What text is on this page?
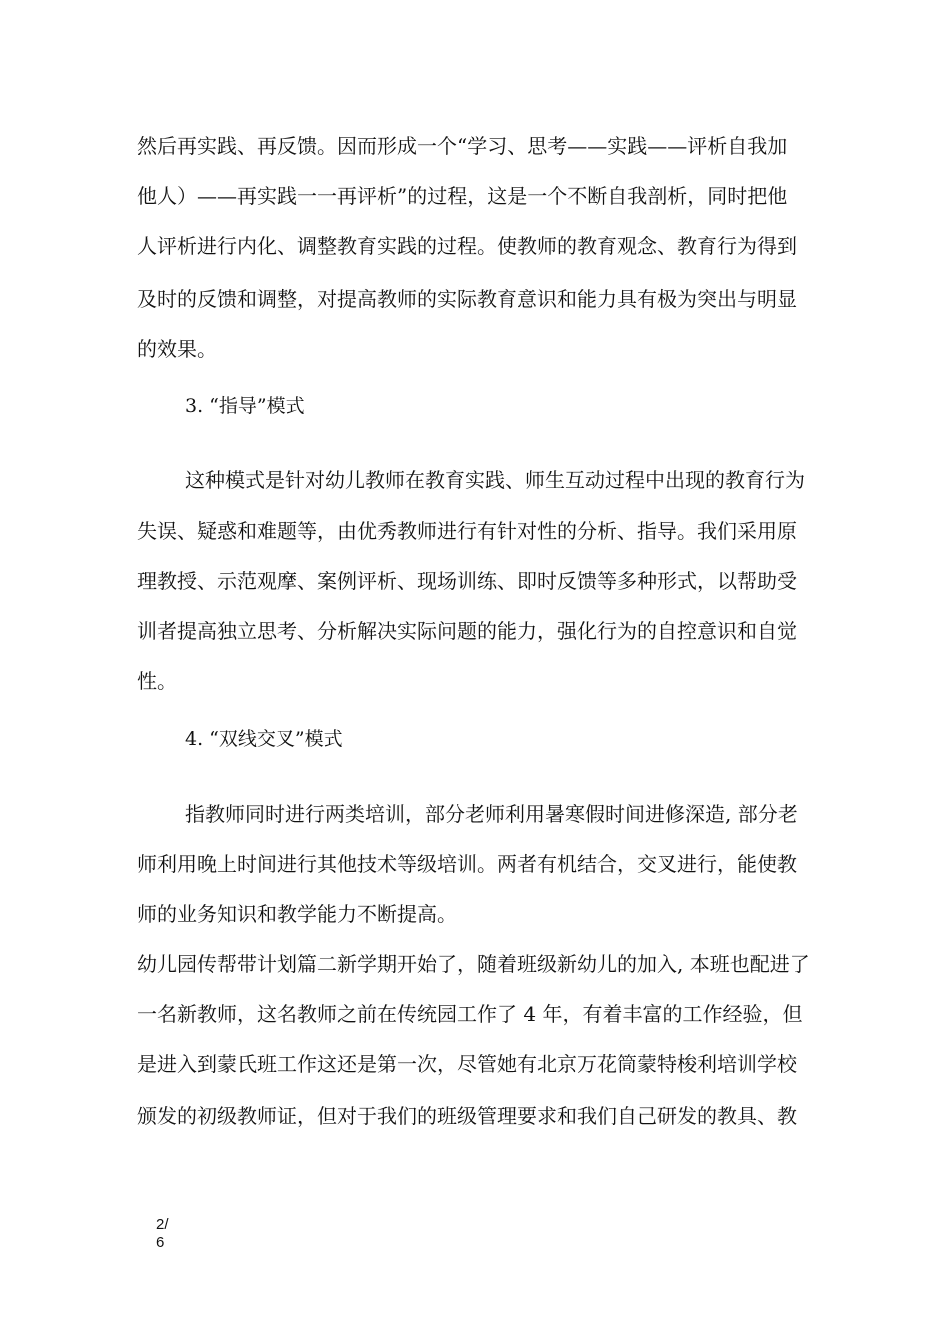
然后再实践、再反馈。因而形成一个“学习、思考——实践——评析自我加
他人）——再实践一一再评析”的过程，这是一个不断自我剖析，同时把他
人评析进行内化、调整教育实践的过程。使教师的教育观念、教育行为得到
及时的反馈和调整，对提高教师的实际教育意识和能力具有极为突出与明显
的效果。
3. “指导”模式
这种模式是针对幼儿教师在教育实践、师生互动过程中出现的教育行为
失误、疑惑和难题等，由优秀教师进行有针对性的分析、指导。我们采用原
理教授、示范观摩、案例评析、现场训练、即时反馈等多种形式，以帮助受
训者提高独立思考、分析解决实际问题的能力，强化行为的自控意识和自觉
性。
4. “双线交叉”模式
指教师同时进行两类培训，部分老师利用暑寒假时间进修深造, 部分老
师利用晚上时间进行其他技术等级培训。两者有机结合，交叉进行，能使教
师的业务知识和教学能力不断提高。
幼儿园传帮带计划篇二新学期开始了，随着班级新幼儿的加入, 本班也配进了
一名新教师，这名教师之前在传统园工作了 4 年，有着丰富的工作经验，但
是进入到蒙氏班工作这还是第一次，尽管她有北京万花筒蒙特梭利培训学校
颁发的初级教师证，但对于我们的班级管理要求和我们自己研发的教具、教
2/
6
